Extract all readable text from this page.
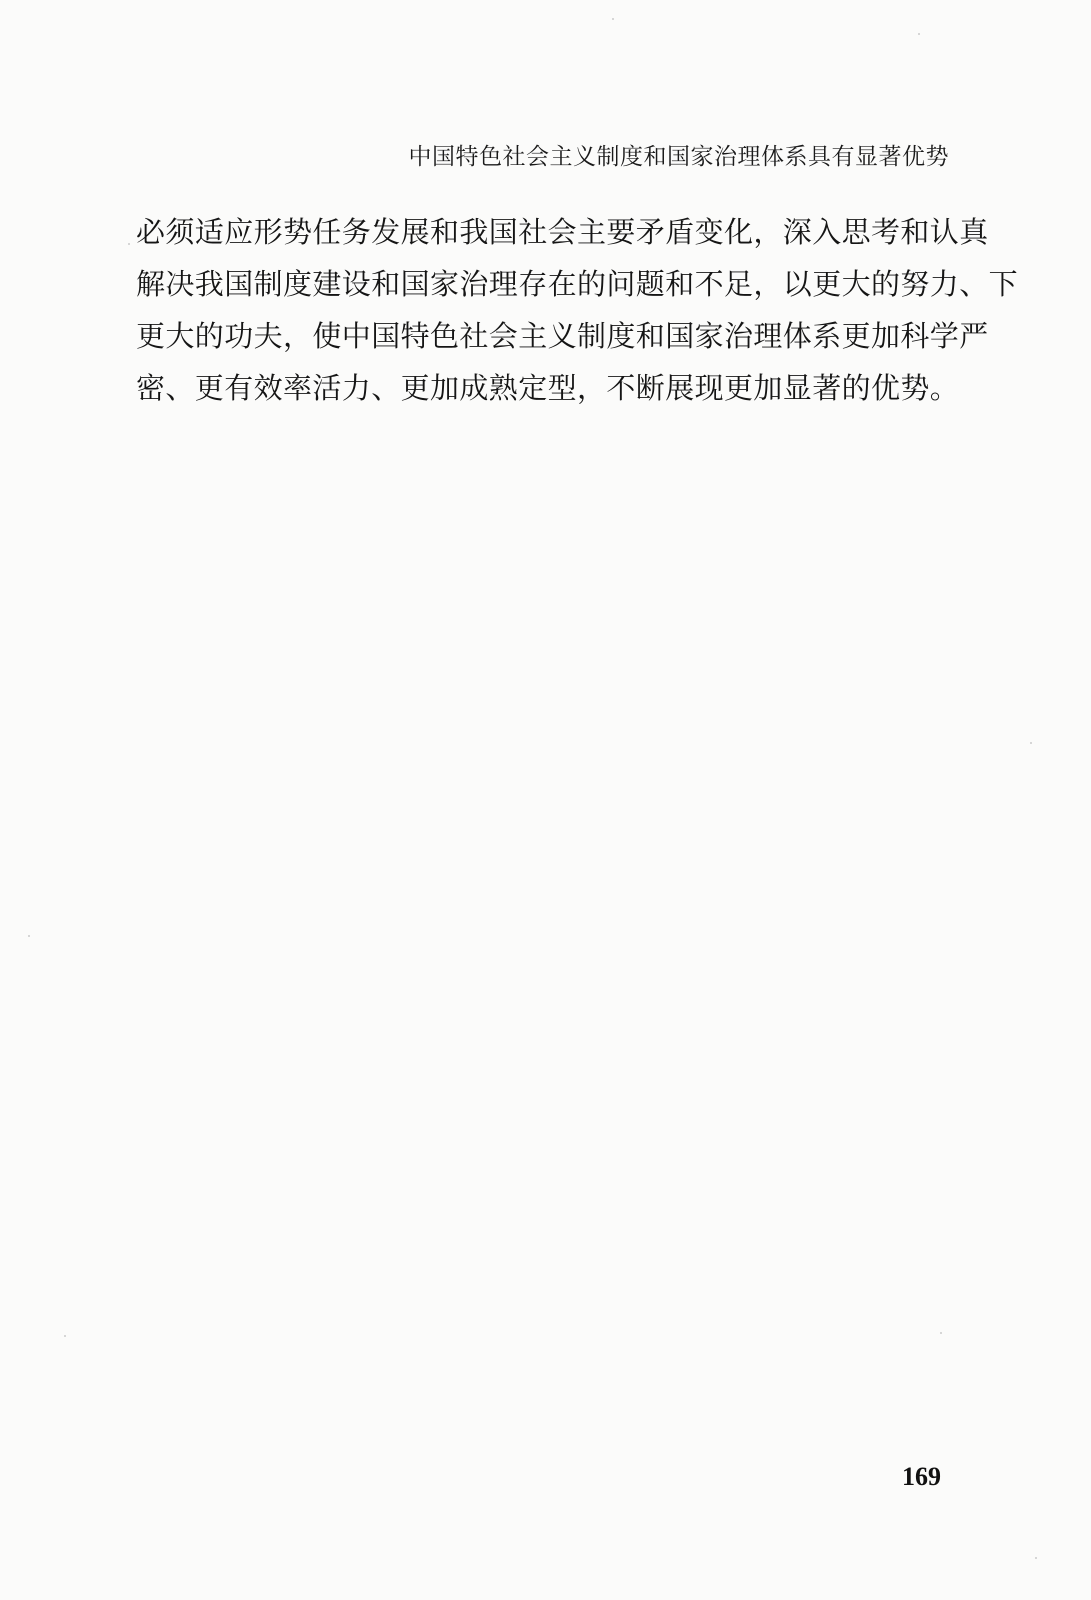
中国特色社会主义制度和国家治理体系具有显著优势
必须适应形势任务发展和我国社会主要矛盾变化，深入思考和认真
解决我国制度建设和国家治理存在的问题和不足，以更大的努力、下
更大的功夫，使中国特色社会主义制度和国家治理体系更加科学严
密、更有效率活力、更加成熟定型，不断展现更加显著的优势。
169
